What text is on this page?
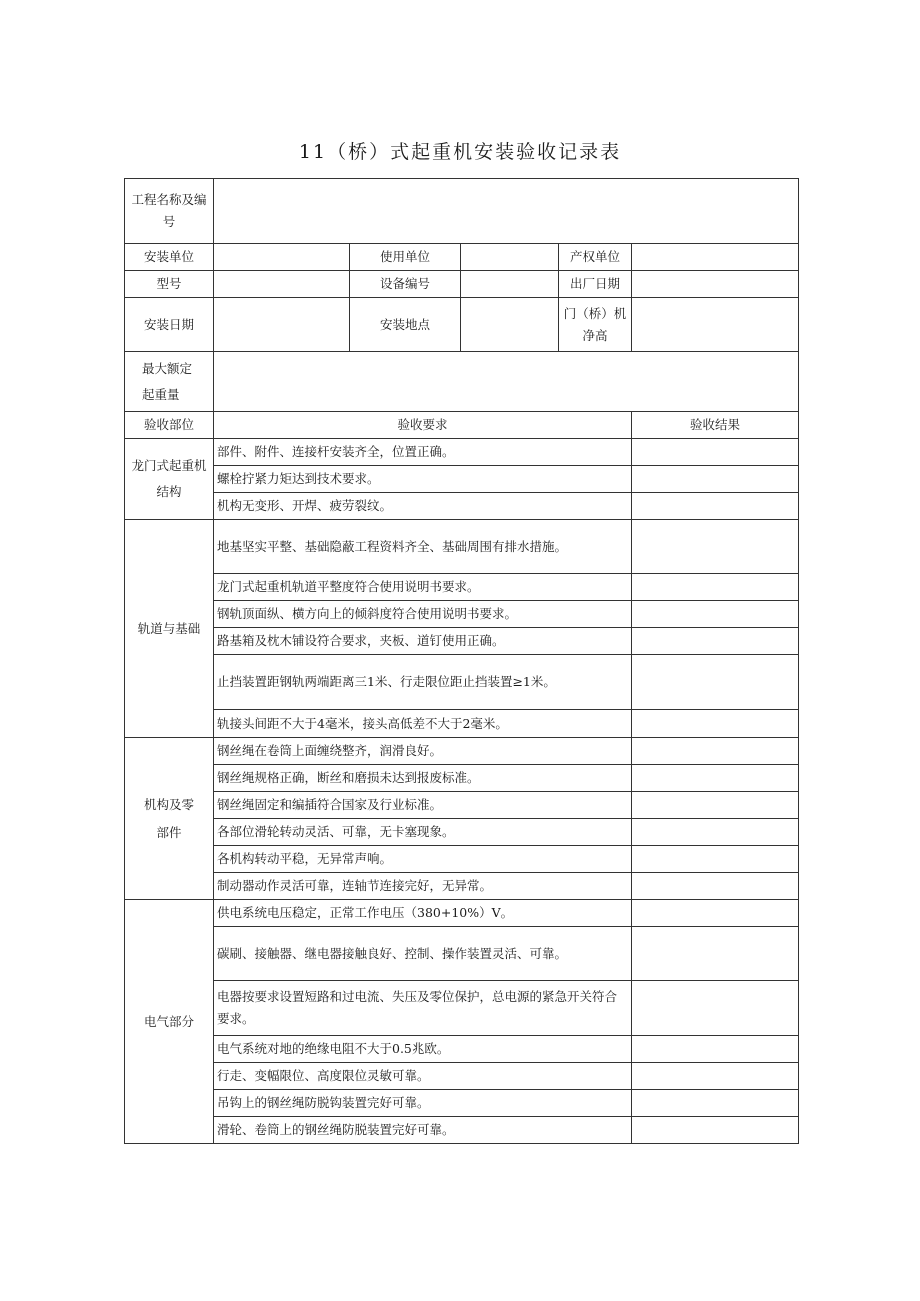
11（桥）式起重机安装验收记录表
工程名称及编号					
安装单位		使用单位		产权单位	
型号		设备编号		出厂日期	
安装日期		安装地点		门（桥）机净高	

最大额定起重量					

验收部位	验收要求				验收结果

龙门式起重机结构	部件、附件、连接杆安装齐全，位置正确。				
	螺栓拧紧力矩达到技术要求。				
	机构无变形、开焊、疲劳裂纹。				
轨道与基础	地基坚实平整、基础隐蔽工程资料齐全、基础周围有排水措施。				
	龙门式起重机轨道平整度符合使用说明书要求。				
	钢轨顶面纵、横方向上的倾斜度符合使用说明书要求。				
	路基箱及枕木铺设符合要求，夹板、道钉使用正确。				
	止挡装置距钢轨两端距离三1米、行走限位距止挡装置≥1米。				
	轨接头间距不大于4毫米，接头高低差不大于2毫米。				

机构及零部件	钢丝绳在卷筒上面缠绕整齐，润滑良好。				
	钢丝绳规格正确，断丝和磨损未达到报废标准。				
	钢丝绳固定和编插符合国家及行业标准。				
	各部位滑轮转动灵活、可靠，无卡塞现象。				
	各机构转动平稳，无异常声响。				
	制动器动作灵活可靠，连轴节连接完好，无异常。				
电气部分	供电系统电压稳定，正常工作电压（380+10%）V。				
	碳刷、接触器、继电器接触良好、控制、操作装置灵活、可靠。				
	电器按要求设置短路和过电流、失压及零位保护，总电源的紧急开关符合要求。				
	电气系统对地的绝缘电阻不大于0.5兆欧。				
	行走、变幅限位、高度限位灵敏可靠。				
	吊钩上的钢丝绳防脱钩装置完好可靠。				
	滑轮、卷筒上的钢丝绳防脱装置完好可靠。				
